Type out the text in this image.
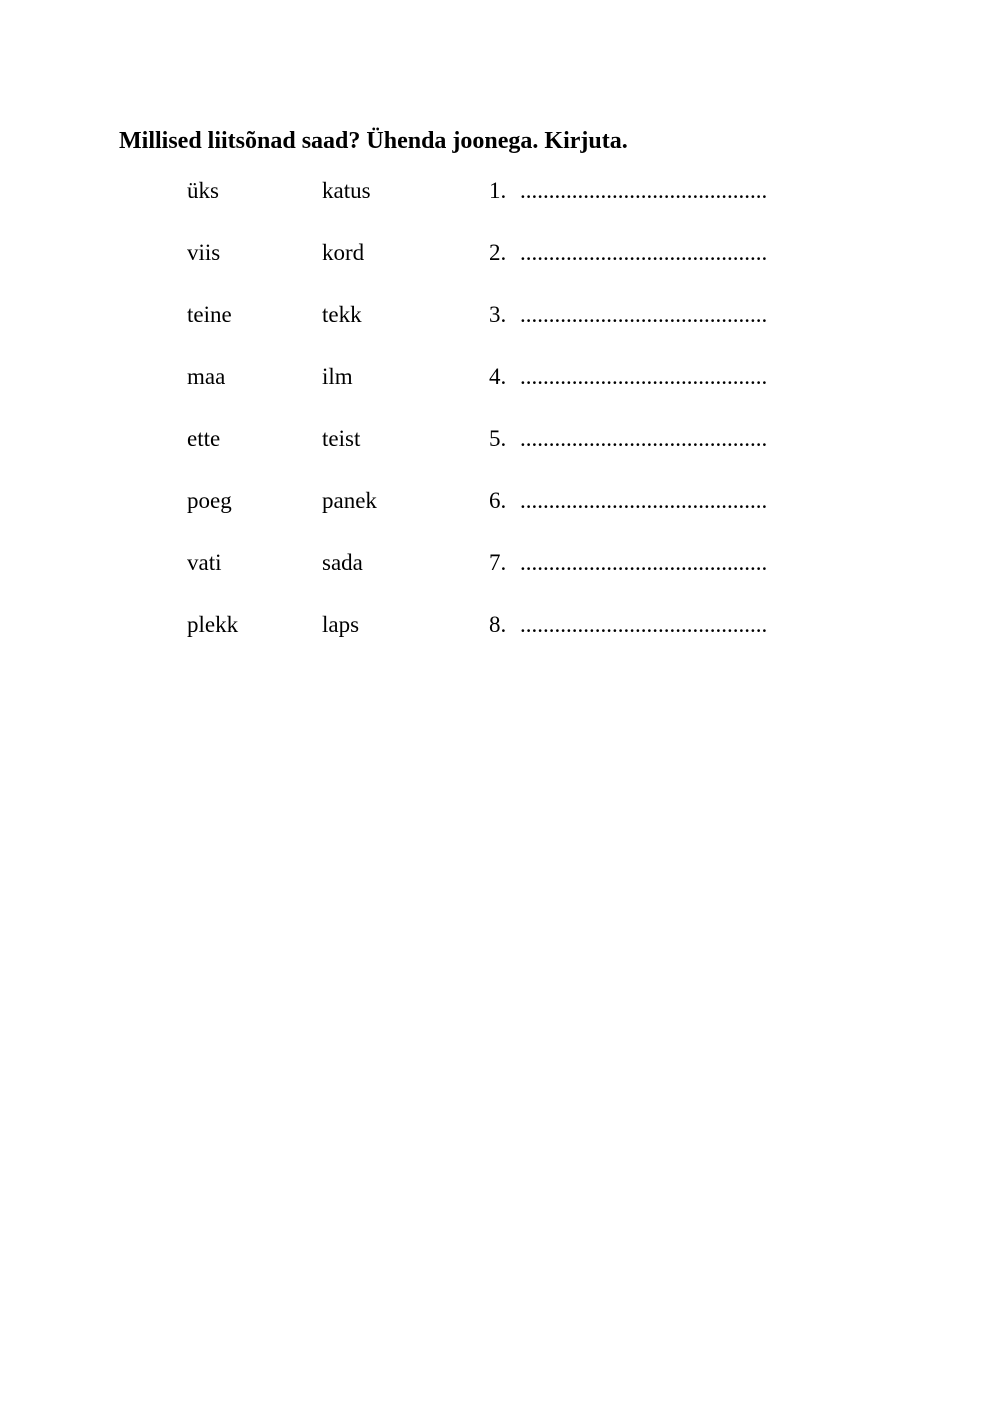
Millised liitsõnad saad? Ühenda joonega. Kirjuta.
üks	katus	1. ...........................................
viis	kord	2. ...........................................
teine	tekk	3. ...........................................
maa	ilm	4. ...........................................
ette	teist	5. ...........................................
poeg	panek	6. ...........................................
vati	sada	7. ...........................................
plekk	laps	8. ...........................................
